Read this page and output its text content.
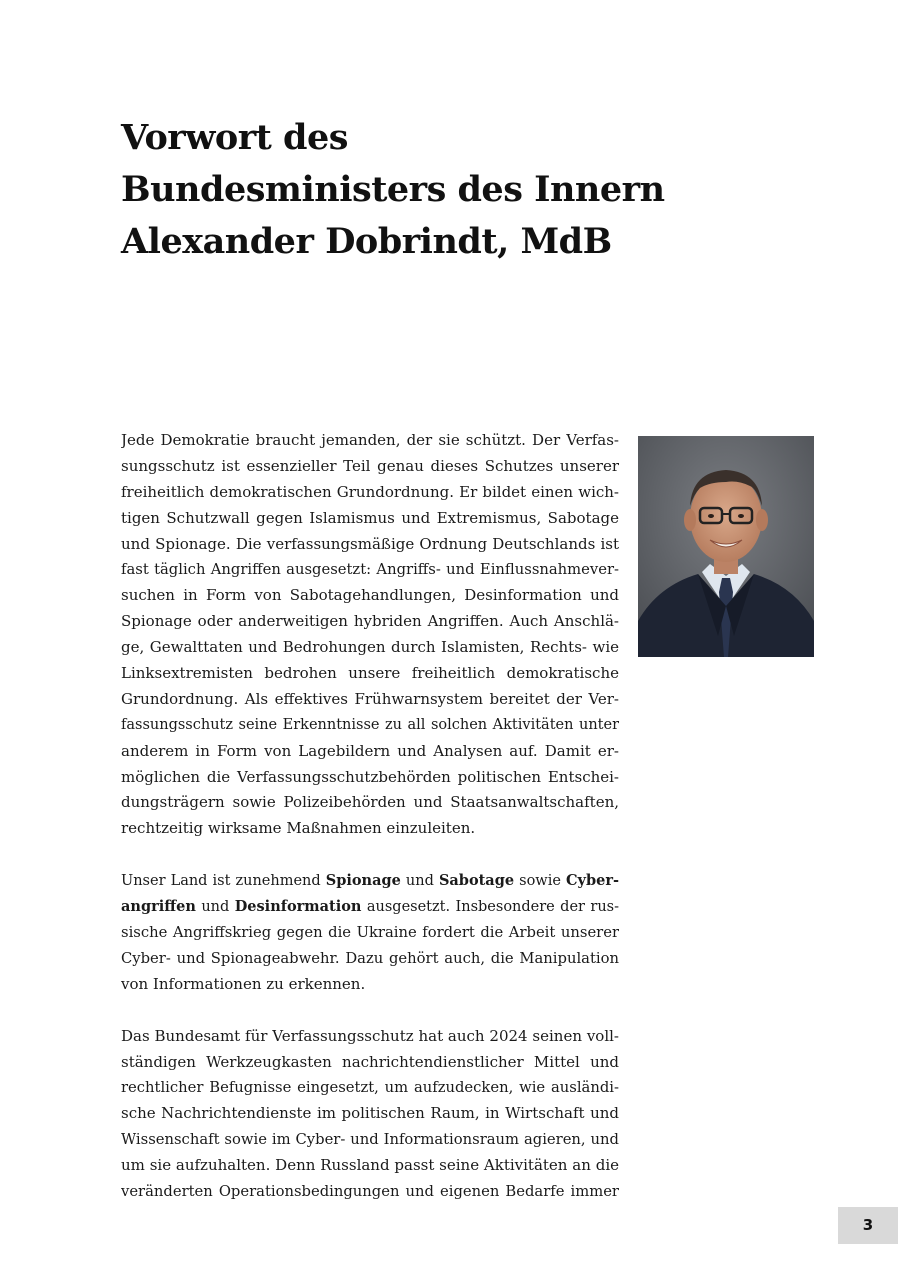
Vorwort des
Bundesministers des Innern
Alexander Dobrindt, MdB

Jede Demokratie braucht jemanden, der sie schützt. Der Verfas-
sungsschutz ist essenzieller Teil genau dieses Schutzes unserer
freiheitlich demokratischen Grundordnung. Er bildet einen wich-
tigen Schutzwall gegen Islamismus und Extremismus, Sabotage
und Spionage. Die verfassungsmäßige Ordnung Deutschlands ist
fast täglich Angriffen ausgesetzt: Angriffs- und Einflussnahmever-
suchen in Form von Sabotagehandlungen, Desinformation und
Spionage oder anderweitigen hybriden Angriffen. Auch Anschlä-
ge, Gewalttaten und Bedrohungen durch Islamisten, Rechts- wie
Linksextremisten bedrohen unsere freiheitlich demokratische
Grundordnung. Als effektives Frühwarnsystem bereitet der Ver-
fassungsschutz seine Erkenntnisse zu all solchen Aktivitäten unter
anderem in Form von Lagebildern und Analysen auf. Damit er-
möglichen die Verfassungsschutzbehörden politischen Entschei-
dungsträgern sowie Polizeibehörden und Staatsanwaltschaften,
rechtzeitig wirksame Maßnahmen einzuleiten.

Unser Land ist zunehmend Spionage und Sabotage sowie Cyber-
angriffen und Desinformation ausgesetzt. Insbesondere der rus-
sische Angriffskrieg gegen die Ukraine fordert die Arbeit unserer
Cyber- und Spionageabwehr. Dazu gehört auch, die Manipulation
von Informationen zu erkennen.

Das Bundesamt für Verfassungsschutz hat auch 2024 seinen voll-
ständigen Werkzeugkasten nachrichtendienstlicher Mittel und
rechtlicher Befugnisse eingesetzt, um aufzudecken, wie ausländi-
sche Nachrichtendienste im politischen Raum, in Wirtschaft und
Wissenschaft sowie im Cyber- und Informationsraum agieren, und
um sie aufzuhalten. Denn Russland passt seine Aktivitäten an die
veränderten Operationsbedingungen und eigenen Bedarfe immer

3
